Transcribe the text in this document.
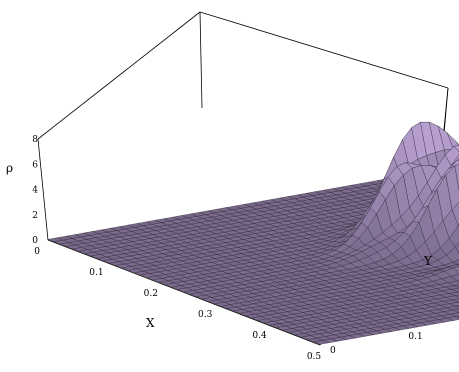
0
2
4
6
8
0
0.1
0.2
0.3
0.4
0.5
0
0.1
ρ
X
Y
